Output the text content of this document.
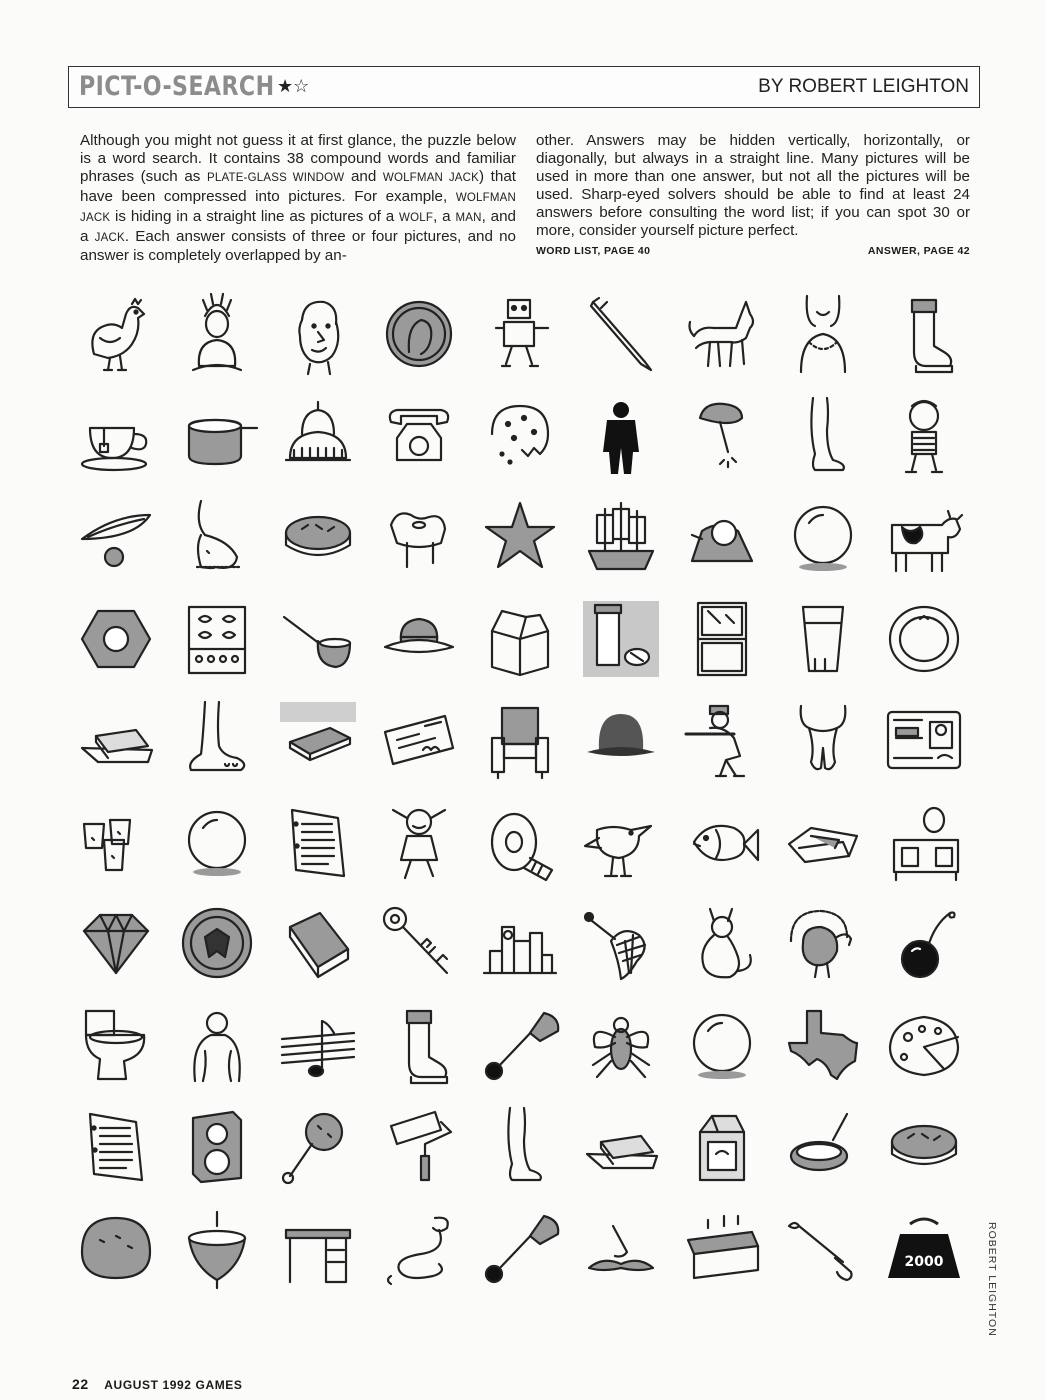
PICT-O-SEARCH ★☆	BY ROBERT LEIGHTON
Although you might not guess it at first glance, the puzzle below is a word search. It contains 38 compound words and familiar phrases (such as PLATE-GLASS WINDOW and WOLFMAN JACK) that have been compressed into pictures. For example, WOLFMAN JACK is hiding in a straight line as pictures of a WOLF, a MAN, and a JACK. Each answer consists of three or four pictures, and no answer is completely overlapped by an-
other. Answers may be hidden vertically, horizontally, or diagonally, but always in a straight line. Many pictures will be used in more than one answer, but not all the pictures will be used. Sharp-eyed solvers should be able to find at least 24 answers before consulting the word list; if you can spot 30 or more, consider yourself picture perfect.
WORD LIST, PAGE 40	ANSWER, PAGE 42
2000
22 AUGUST 1992 GAMES
ROBERT LEIGHTON
